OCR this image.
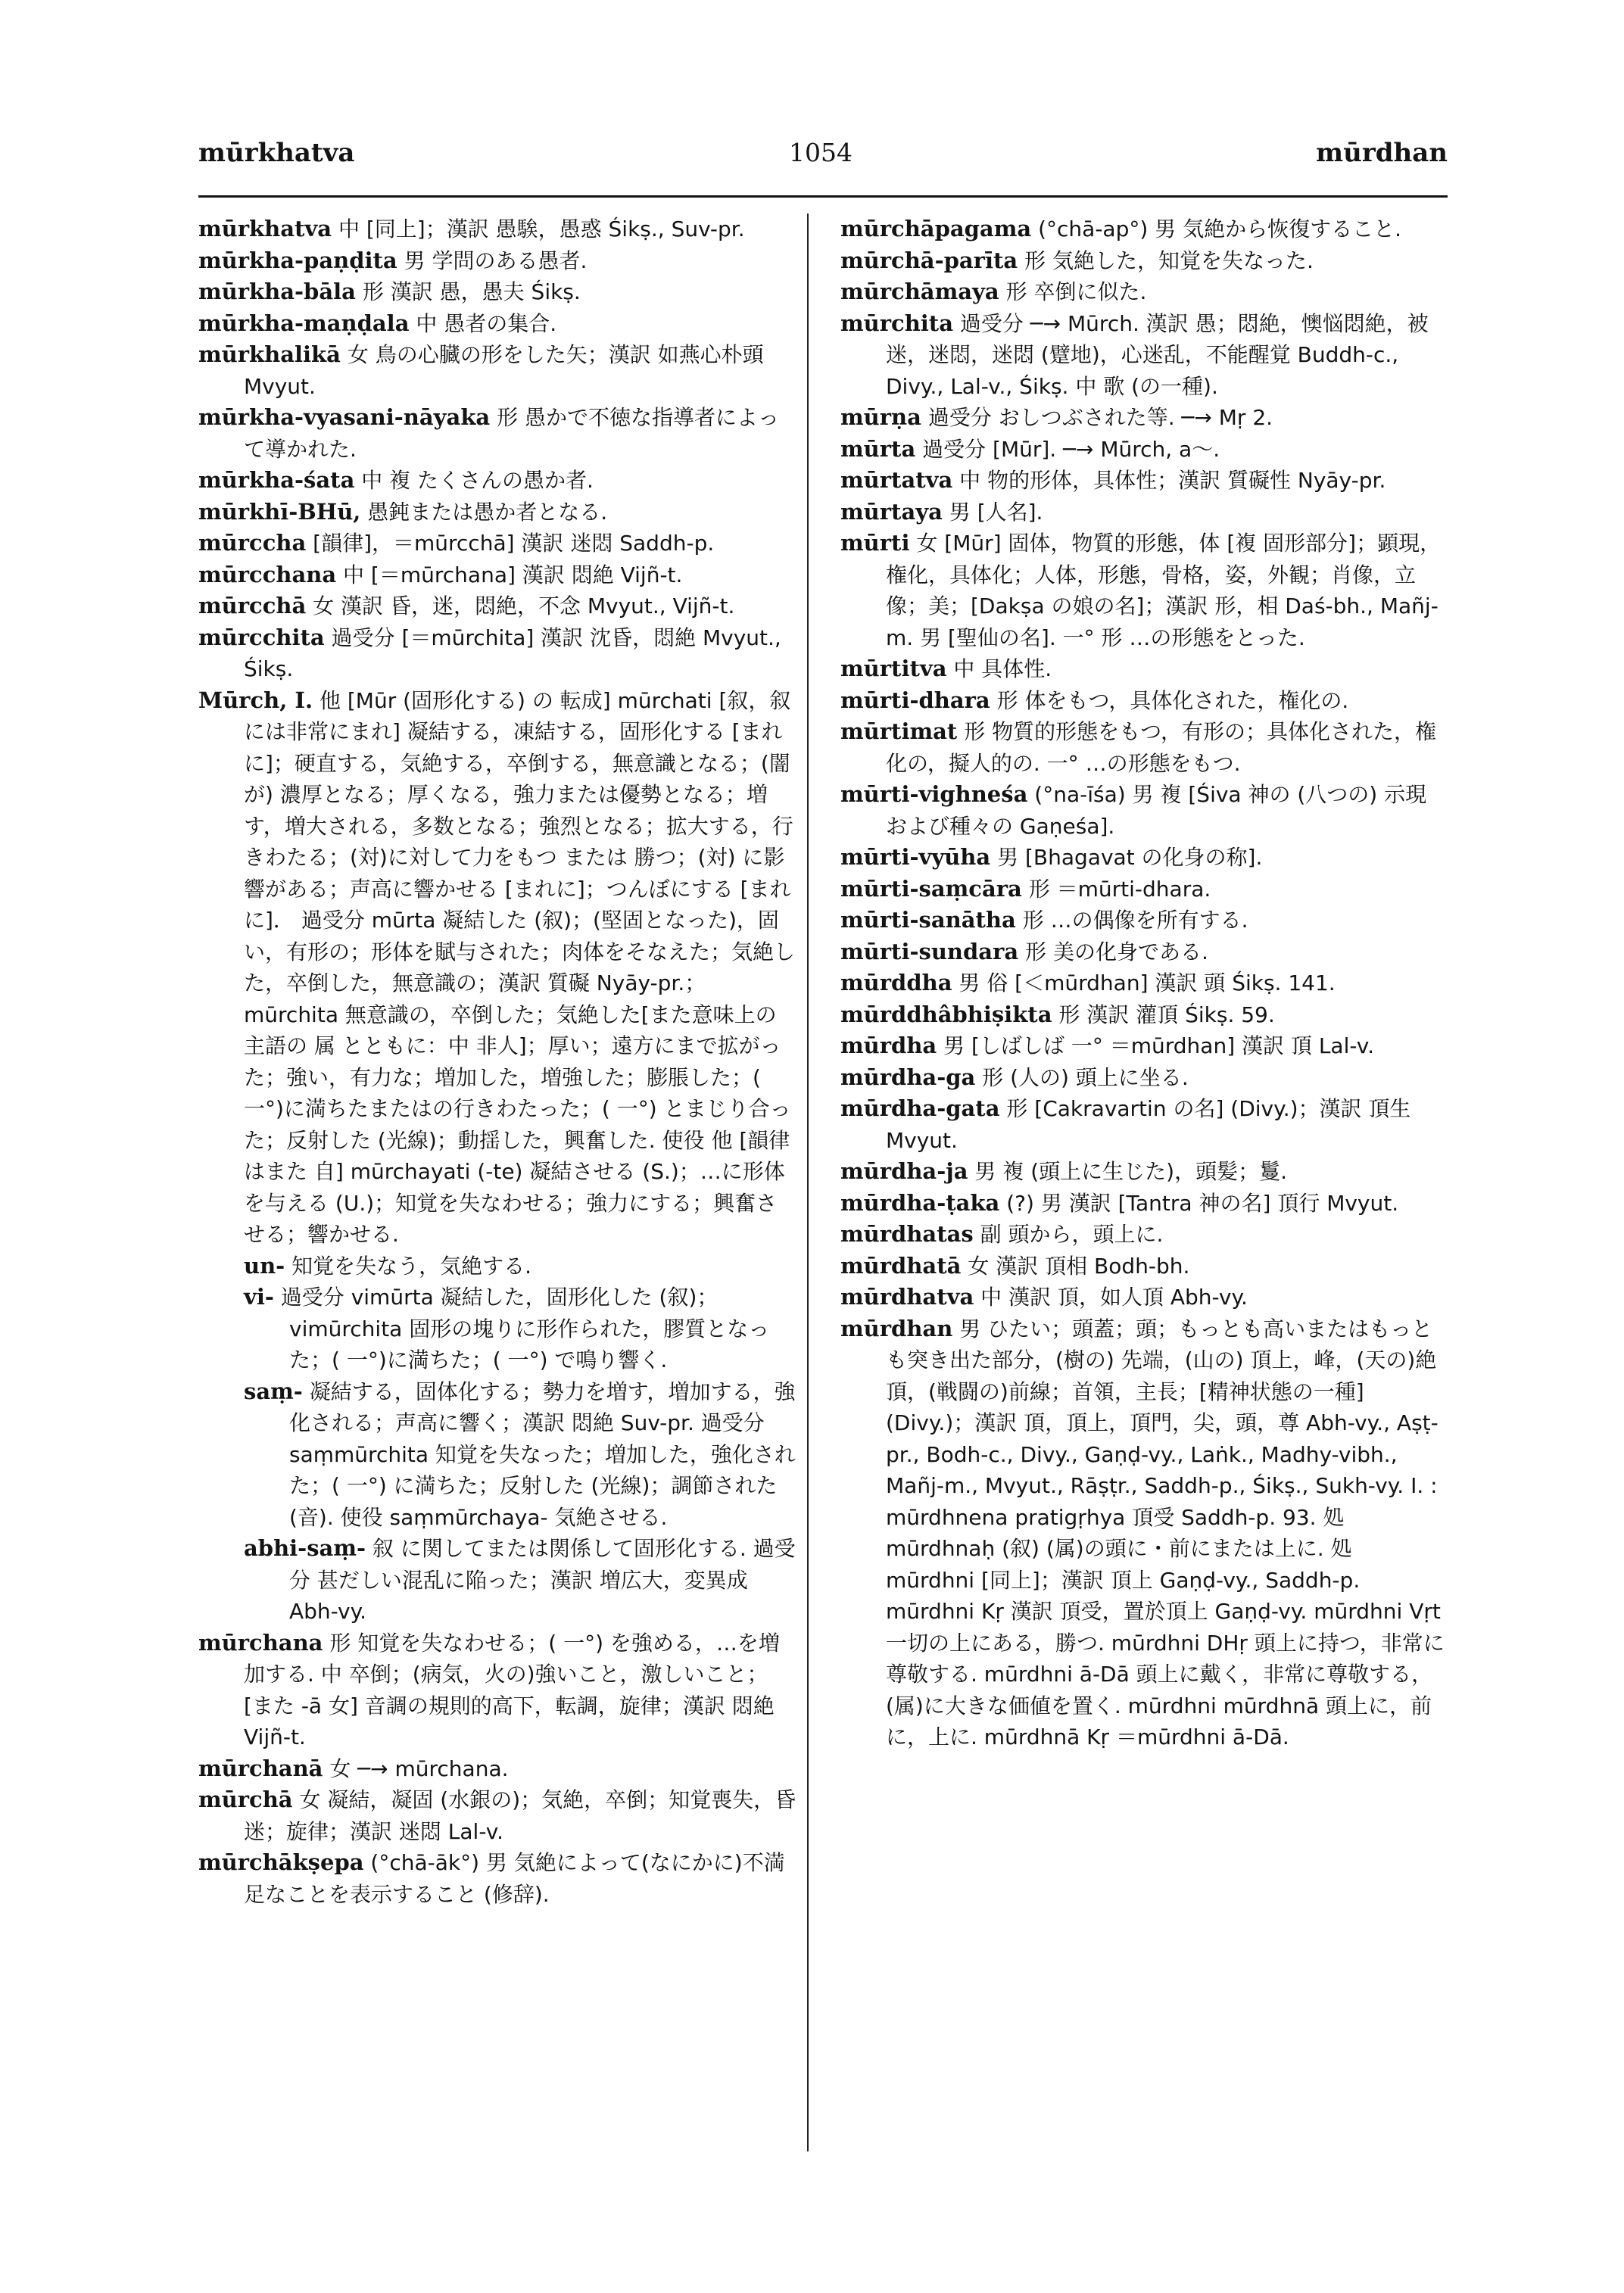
mūrkhatva	1054	mūrdhan

mūrkhatva 中 [同上]；漢訳 愚騃，愚惑 Śikṣ., Suv-pr.

mūrkha-paṇḍita 男 学問のある愚者.

mūrkha-bāla 形 漢訳 愚，愚夫 Śikṣ.

mūrkha-maṇḍala 中 愚者の集合.

mūrkhalikā 女 鳥の心臓の形をした矢；漢訳 如燕心朴頭 Mvyut.

mūrkha-vyasani-nāyaka 形 愚かで不徳な指導者によって導かれた.

mūrkha-śata 中 複 たくさんの愚か者.

mūrkhī-BHū, 愚鈍または愚か者となる.

mūrccha [韻律]，＝mūrcchā] 漢訳 迷悶 Saddh-p.

mūrcchana 中 [＝mūrchana] 漢訳 悶絶 Vijñ-t.

mūrcchā 女 漢訳 昏，迷，悶絶，不念 Mvyut., Vijñ-t.

mūrcchita 過受分 [＝mūrchita] 漢訳 沈昏，悶絶 Mvyut., Śikṣ.

Mūrch, I. 他 [Mūr (固形化する) の 転成] mūrchati [叙，叙 には非常にまれ] 凝結する，凍結する，固形化する [まれに]；硬直する，気絶する，卒倒する，無意識となる；(闇が) 濃厚となる；厚くなる，強力または優勢となる；増す，増大される，多数となる；強烈となる；拡大する，行きわたる；(対)に対して力をもつ または 勝つ；(対) に影響がある；声高に響かせる [まれに]；つんぼにする [まれに]． 過受分 mūrta 凝結した (叙)；(堅固となった)，固い，有形の；形体を賦与された；肉体をそなえた；気絶した，卒倒した，無意識の；漢訳 質礙 Nyāy-pr.；mūrchita 無意識の，卒倒した；気絶した[また意味上の主語の 属 とともに：中 非人]；厚い；遠方にまで拡がった；強い，有力な；増加した，増強した；膨脹した；( 一°)に満ちたまたはの行きわたった；( 一°) とまじり合った；反射した (光線)；動揺した，興奮した. 使役 他 [韻律 はまた 自] mūrchayati (-te) 凝結させる (S.)；…に形体を与える (U.)；知覚を失なわせる；強力にする；興奮させる；響かせる.

un- 知覚を失なう，気絶する.

vi- 過受分 vimūrta 凝結した，固形化した (叙)；vimūrchita 固形の塊りに形作られた，膠質となった；( 一°)に満ちた；( 一°) で鳴り響く.

saṃ- 凝結する，固体化する；勢力を増す，増加する，強化される；声高に響く；漢訳 悶絶 Suv-pr. 過受分 saṃmūrchita 知覚を失なった；増加した，強化された；( 一°) に満ちた；反射した (光線)；調節された(音). 使役 saṃmūrchaya- 気絶させる.

abhi-saṃ- 叙 に関してまたは関係して固形化する. 過受分 甚だしい混乱に陥った；漢訳 増広大，変異成 Abh-vy.

mūrchana 形 知覚を失なわせる；( 一°) を強める，…を増加する. 中 卒倒；(病気，火の)強いこと，激しいこと；[また -ā 女] 音調の規則的高下，転調，旋律；漢訳 悶絶 Vijñ-t.

mūrchanā 女 ─→ mūrchana.

mūrchā 女 凝結，凝固 (水銀の)；気絶，卒倒；知覚喪失，昏迷；旋律；漢訳 迷悶 Lal-v.

mūrchākṣepa (°chā-āk°) 男 気絶によって(なにかに)不満足なことを表示すること (修辞).

mūrchāpagama (°chā-ap°) 男 気絶から恢復すること.

mūrchā-parīta 形 気絶した，知覚を失なった.

mūrchāmaya 形 卒倒に似た.

mūrchita 過受分 ─→ Mūrch. 漢訳 愚；悶絶，懊悩悶絶，被迷，迷悶，迷悶 (躄地)，心迷乱，不能醒覚 Buddh-c., Divy., Lal-v., Śikṣ. 中 歌 (の一種).

mūrṇa 過受分 おしつぶされた等. ─→ Mṛ 2.

mūrta 過受分 [Mūr]. ─→ Mūrch, a～.

mūrtatva 中 物的形体，具体性；漢訳 質礙性 Nyāy-pr.

mūrtaya 男 [人名].

mūrti 女 [Mūr] 固体，物質的形態，体 [複 固形部分]；顕現，権化，具体化；人体，形態，骨格，姿，外観；肖像，立像；美；[Dakṣa の娘の名]；漢訳 形，相 Daś-bh., Mañj-m. 男 [聖仙の名]. 一° 形 …の形態をとった.

mūrtitva 中 具体性.

mūrti-dhara 形 体をもつ，具体化された，権化の.

mūrtimat 形 物質的形態をもつ，有形の；具体化された，権化の，擬人的の. 一° …の形態をもつ.

mūrti-vighneśa (°na-īśa) 男 複 [Śiva 神の (八つの) 示現および種々の Gaṇeśa].

mūrti-vyūha 男 [Bhagavat の化身の称].

mūrti-saṃcāra 形 ＝mūrti-dhara.

mūrti-sanātha 形 …の偶像を所有する.

mūrti-sundara 形 美の化身である.

mūrddha 男 俗 [＜mūrdhan] 漢訳 頭 Śikṣ. 141.

mūrddhâbhiṣikta 形 漢訳 灌頂 Śikṣ. 59.

mūrdha 男 [しばしば 一° ＝mūrdhan] 漢訳 頂 Lal-v.

mūrdha-ga 形 (人の) 頭上に坐る.

mūrdha-gata 形 [Cakravartin の名] (Divy.)；漢訳 頂生 Mvyut.

mūrdha-ja 男 複 (頭上に生じた)，頭髪；鬘.

mūrdha-ṭaka (?) 男 漢訳 [Tantra 神の名] 頂行 Mvyut.

mūrdhatas 副 頭から，頭上に.

mūrdhatā 女 漢訳 頂相 Bodh-bh.

mūrdhatva 中 漢訳 頂，如人頂 Abh-vy.

mūrdhan 男 ひたい；頭蓋；頭；もっとも高いまたはもっとも突き出た部分，(樹の) 先端，(山の) 頂上，峰，(天の)絶頂，(戦闘の)前線；首領，主長；[精神状態の一種] (Divy.)；漢訳 頂，頂上，頂門，尖，頭，尊 Abh-vy., Aṣṭ-pr., Bodh-c., Divy., Gaṇḍ-vy., Laṅk., Madhy-vibh., Mañj-m., Mvyut., Rāṣṭr., Saddh-p., Śikṣ., Sukh-vy. I. : mūrdhnena pratigṛhya 頂受 Saddh-p. 93. 処 mūrdhnaḥ (叙) (属)の頭に・前にまたは上に. 処 mūrdhni [同上]；漢訳 頂上 Gaṇḍ-vy., Saddh-p. mūrdhni Kṛ 漢訳 頂受，置於頂上 Gaṇḍ-vy. mūrdhni Vṛt 一切の上にある，勝つ. mūrdhni DHṛ 頭上に持つ，非常に尊敬する. mūrdhni ā-Dā 頭上に戴く，非常に尊敬する，(属)に大きな価値を置く. mūrdhni mūrdhnā 頭上に，前に，上に. mūrdhnā Kṛ ＝mūrdhni ā-Dā.
